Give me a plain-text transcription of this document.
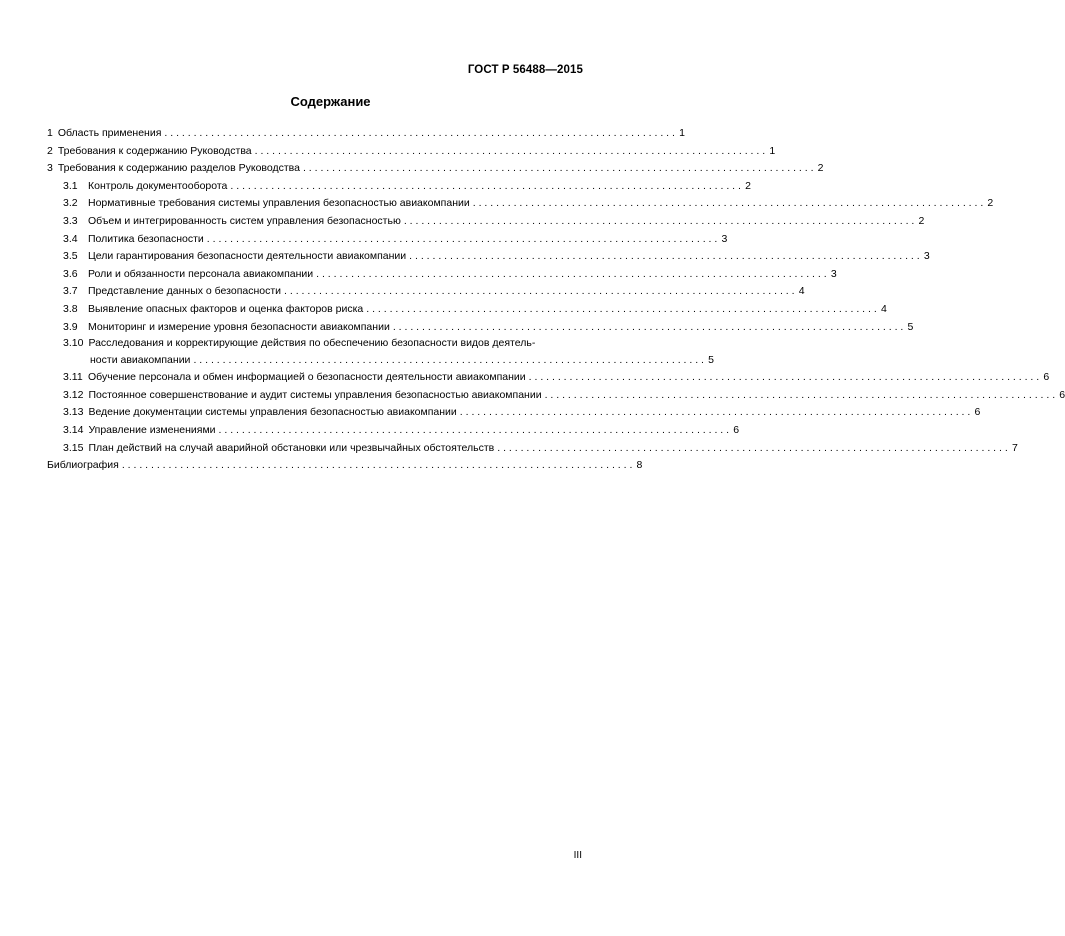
ГОСТ Р 56488—2015
Содержание
1 Область применения . . .	1
2 Требования к содержанию Руководства . . .	1
3 Требования к содержанию разделов Руководства . . .	2
3.1 Контроль документооборота . . .	2
3.2 Нормативные требования системы управления безопасностью авиакомпании . . .	2
3.3 Объем и интегрированность систем управления безопасностью . . .	2
3.4 Политика безопасности . . .	3
3.5 Цели гарантирования безопасности деятельности авиакомпании . . .	3
3.6 Роли и обязанности персонала авиакомпании . . .	3
3.7 Представление данных о безопасности . . .	4
3.8 Выявление опасных факторов и оценка факторов риска . . .	4
3.9 Мониторинг и измерение уровня безопасности авиакомпании . . .	5
3.10 Расследования и корректирующие действия по обеспечению безопасности видов деятель-
ности авиакомпании . . .	5
3.11 Обучение персонала и обмен информацией о безопасности деятельности авиакомпании . . .	6
3.12 Постоянное совершенствование и аудит системы управления безопасностью авиакомпании . . .	6
3.13 Ведение документации системы управления безопасностью авиакомпании . . .	6
3.14 Управление изменениями . . .	6
3.15 План действий на случай аварийной обстановки или чрезвычайных обстоятельств . . .	7
Библиография . . .	8
III
